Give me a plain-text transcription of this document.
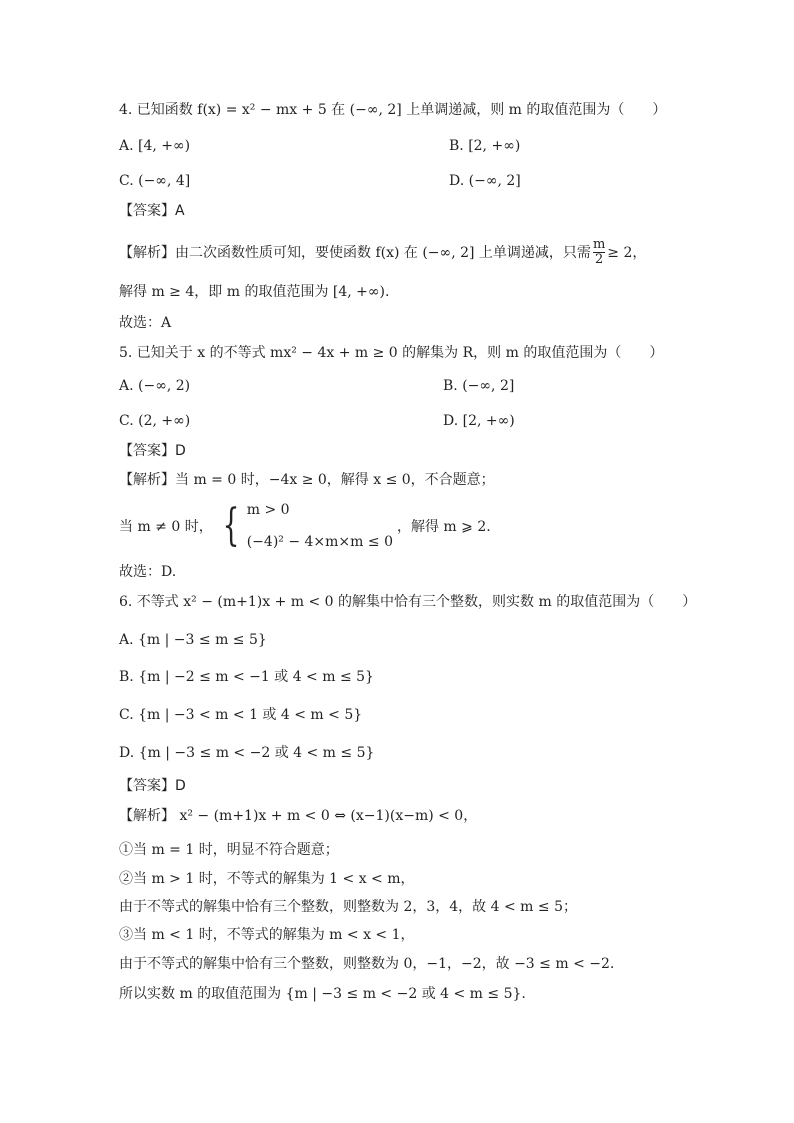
4. 已知函数 f(x) = x² − mx + 5 在 (−∞, 2] 上单调递减，则 m 的取值范围为（　　）
A. [4, +∞)	B. [2, +∞)
C. (−∞, 4]	D. (−∞, 2]
【答案】A
【解析】由二次函数性质可知，要使函数 f(x) 在 (−∞, 2] 上单调递减，只需 $\frac{m}{2} \ge 2$，
解得 m ≥ 4，即 m 的取值范围为 [4, +∞).
故选：A
5. 已知关于 x 的不等式 mx² − 4x + m ≥ 0 的解集为 R，则 m 的取值范围为（　　）
A. (−∞, 2)	B. (−∞, 2]
C. (2, +∞)	D. [2, +∞)
【答案】D
【解析】当 m = 0 时，−4x ≥ 0，解得 x ≤ 0，不合题意；
当 m ≠ 0 时， { m > 0
(−4)² − 4×m×m ≤ 0
，解得 m ⩾ 2.
故选：D.
6. 不等式 x² − (m+1)x + m < 0 的解集中恰有三个整数，则实数 m 的取值范围为（　　）
A. {m | −3 ≤ m ≤ 5}
B. {m | −2 ≤ m < −1 或 4 < m ≤ 5}
C. {m | −3 < m < 1 或 4 < m < 5}
D. {m | −3 ≤ m < −2 或 4 < m ≤ 5}
【答案】D
【解析】 x² − (m+1)x + m < 0 ⇔ (x−1)(x−m) < 0，
①当 m = 1 时，明显不符合题意；
②当 m > 1 时，不等式的解集为 1 < x < m，
由于不等式的解集中恰有三个整数，则整数为 2，3，4，故 4 < m ≤ 5；
③当 m < 1 时，不等式的解集为 m < x < 1，
由于不等式的解集中恰有三个整数，则整数为 0，−1，−2，故 −3 ≤ m < −2.
所以实数 m 的取值范围为 {m | −3 ≤ m < −2 或 4 < m ≤ 5}.
